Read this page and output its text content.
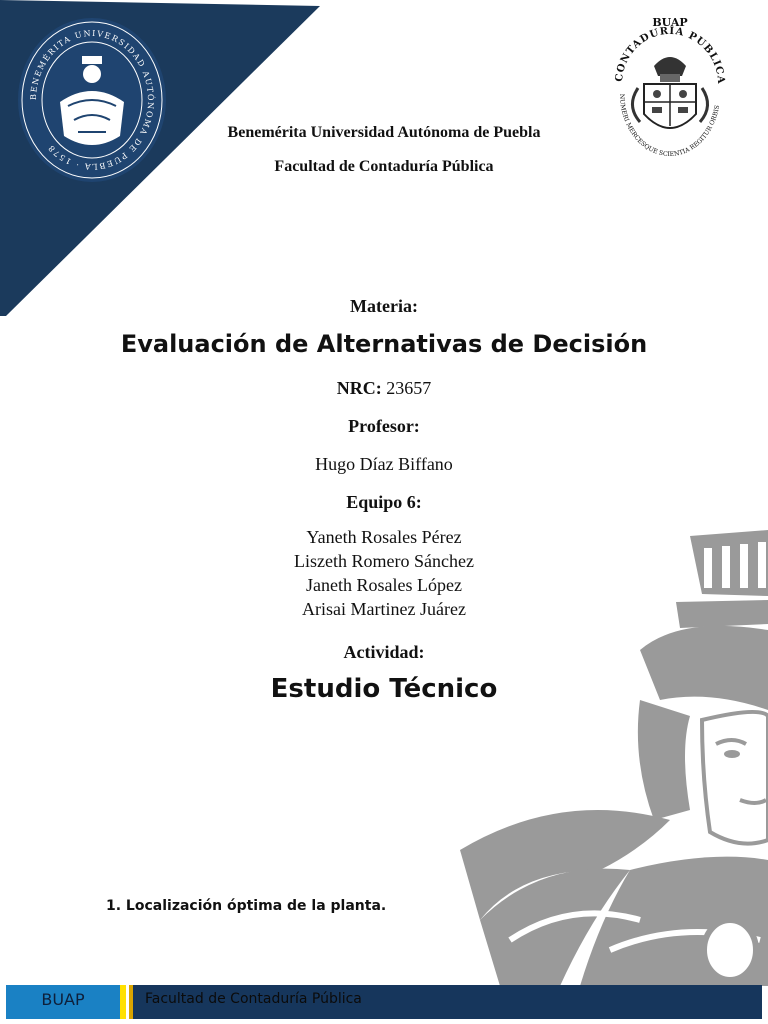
BENEMÉRITA UNIVERSIDAD AUTÓNOMA DE PUEBLA · 1578
BUAP
CONTADURIA PUBLICA
NUMERI MERCESQUE SCIENTIA REGITUR ORBIS
Benemérita Universidad Autónoma de Puebla
Facultad de Contaduría Pública
Materia:
Evaluación de Alternativas de Decisión
NRC: 23657
Profesor:
Hugo Díaz Biffano
Equipo 6:
Yaneth Rosales Pérez
Liszeth Romero Sánchez
Janeth Rosales López
Arisai Martinez Juárez
Actividad:
Estudio Técnico
1. Localización óptima de la planta.
BUAP	Facultad de Contaduría Pública
